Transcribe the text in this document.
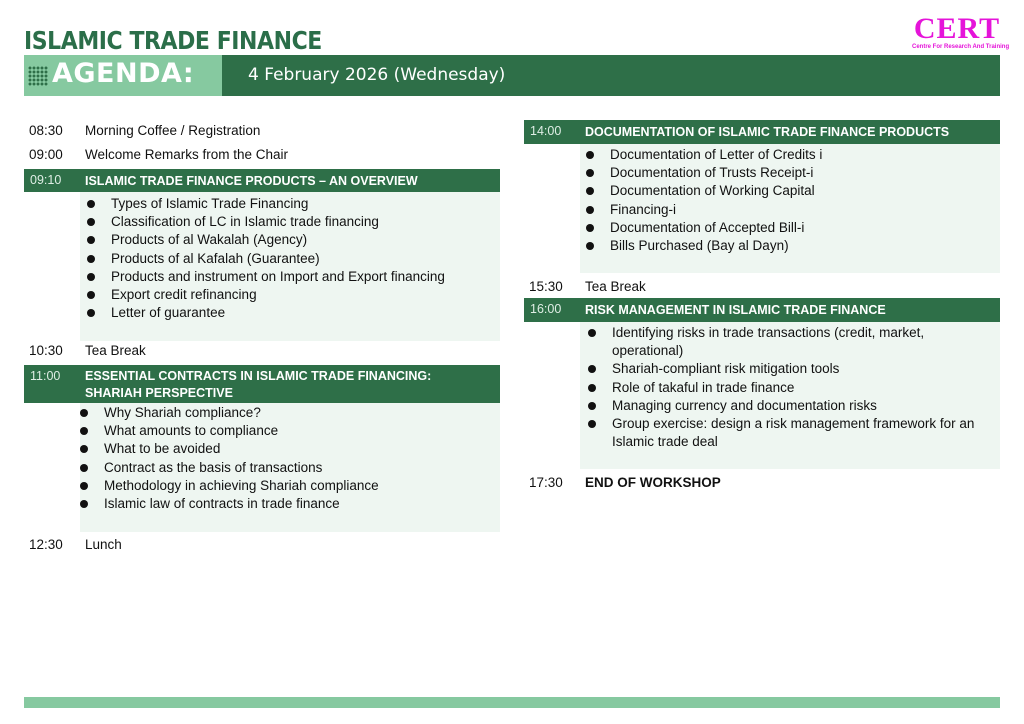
ISLAMIC TRADE FINANCE	CERT
Centre For Research And Training
AGENDA:	4 February 2026 (Wednesday)
08:30 Morning Coffee / Registration
09:00 Welcome Remarks from the Chair
09:10 ISLAMIC TRADE FINANCE PRODUCTS – AN OVERVIEW
Types of Islamic Trade Financing
Classification of LC in Islamic trade financing
Products of al Wakalah (Agency)
Products of al Kafalah (Guarantee)
Products and instrument on Import and Export financing
Export credit refinancing
Letter of guarantee
10:30 Tea Break
11:00 ESSENTIAL CONTRACTS IN ISLAMIC TRADE FINANCING:
SHARIAH PERSPECTIVE
Why Shariah compliance?
What amounts to compliance
What to be avoided
Contract as the basis of transactions
Methodology in achieving Shariah compliance
Islamic law of contracts in trade finance
12:30 Lunch
14:00 DOCUMENTATION OF ISLAMIC TRADE FINANCE PRODUCTS
Documentation of Letter of Credits i
Documentation of Trusts Receipt-i
Documentation of Working Capital
Financing-i
Documentation of Accepted Bill-i
Bills Purchased (Bay al Dayn)
15:30 Tea Break
16:00 RISK MANAGEMENT IN ISLAMIC TRADE FINANCE
Identifying risks in trade transactions (credit, market, operational)
Shariah-compliant risk mitigation tools
Role of takaful in trade finance
Managing currency and documentation risks
Group exercise: design a risk management framework for an Islamic trade deal
17:30 END OF WORKSHOP
